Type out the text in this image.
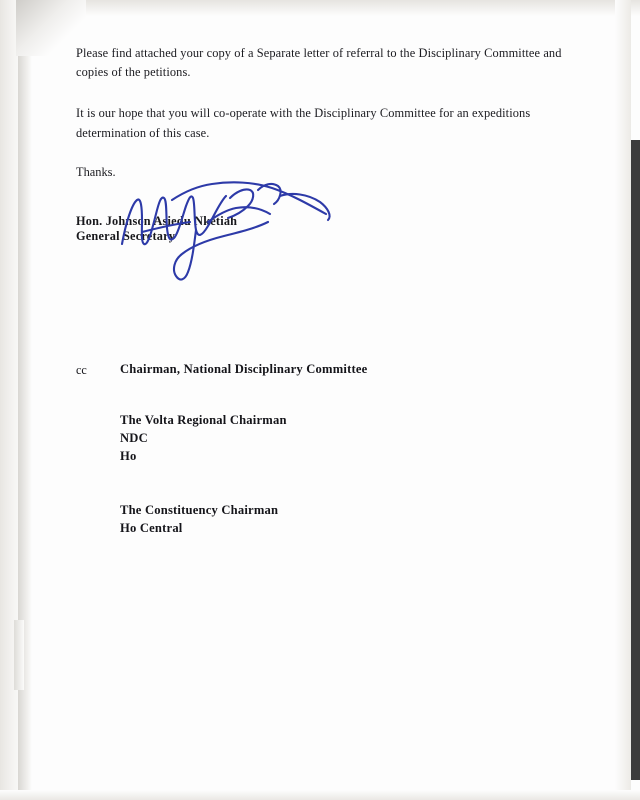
Please find attached your copy of a Separate letter of referral to the Disciplinary Committee and copies of the petitions.

It is our hope that you will co-operate with the Disciplinary Committee for an expeditions determination of this case.

Thanks.

Hon. Johnson Asiedu Nketiah
General Secretary
cc	Chairman, National Disciplinary Committee
The Volta Regional Chairman
NDC
Ho
The Constituency Chairman
Ho Central
